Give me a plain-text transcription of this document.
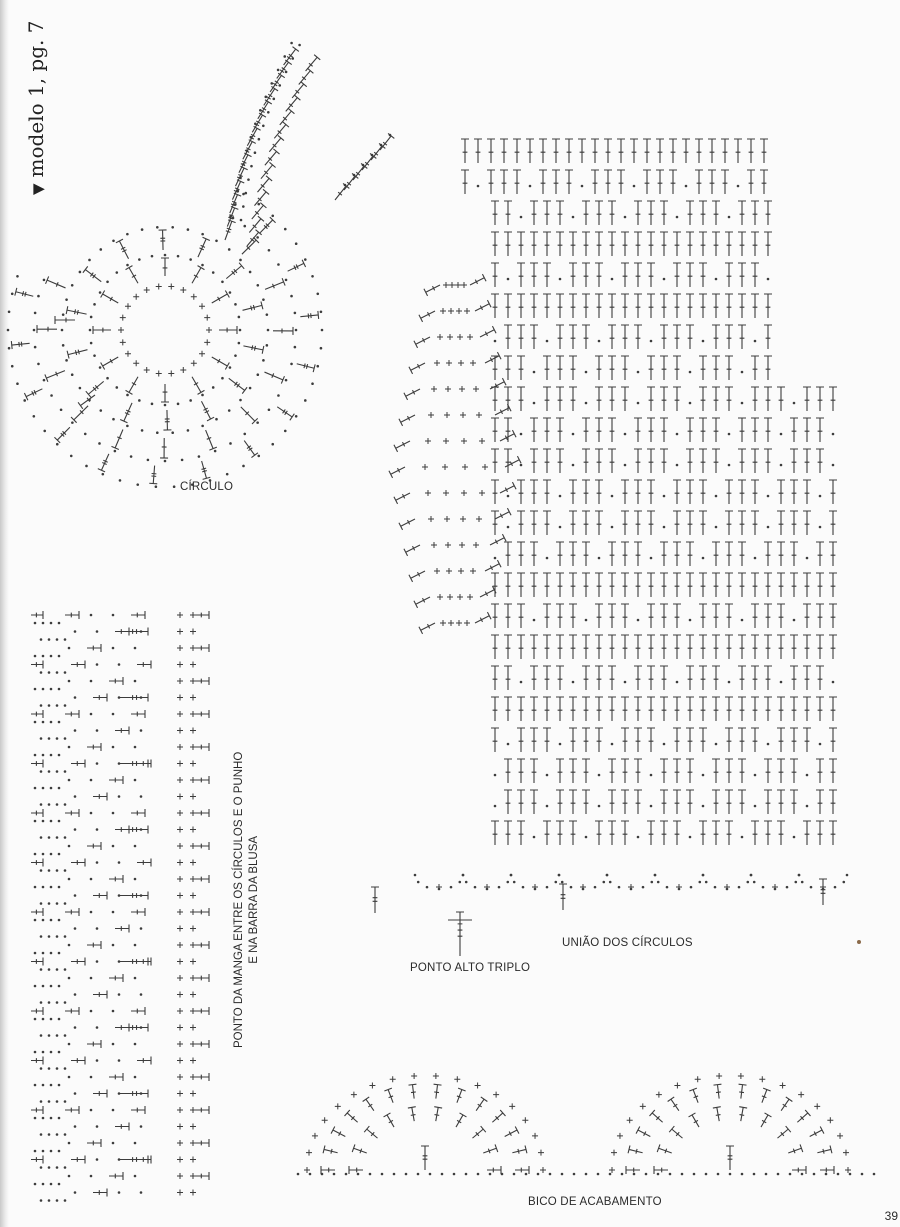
▼modelo 1, pg. 7
CÍRCULO
PONTO DA MANGA ENTRE OS CÍRCULOS E O PUNHO E NA BARRA DA BLUSA	UNIÃO DOS CÍRCULOS
PONTO ALTO TRIPLO
BICO DE ACABAMENTO
39
